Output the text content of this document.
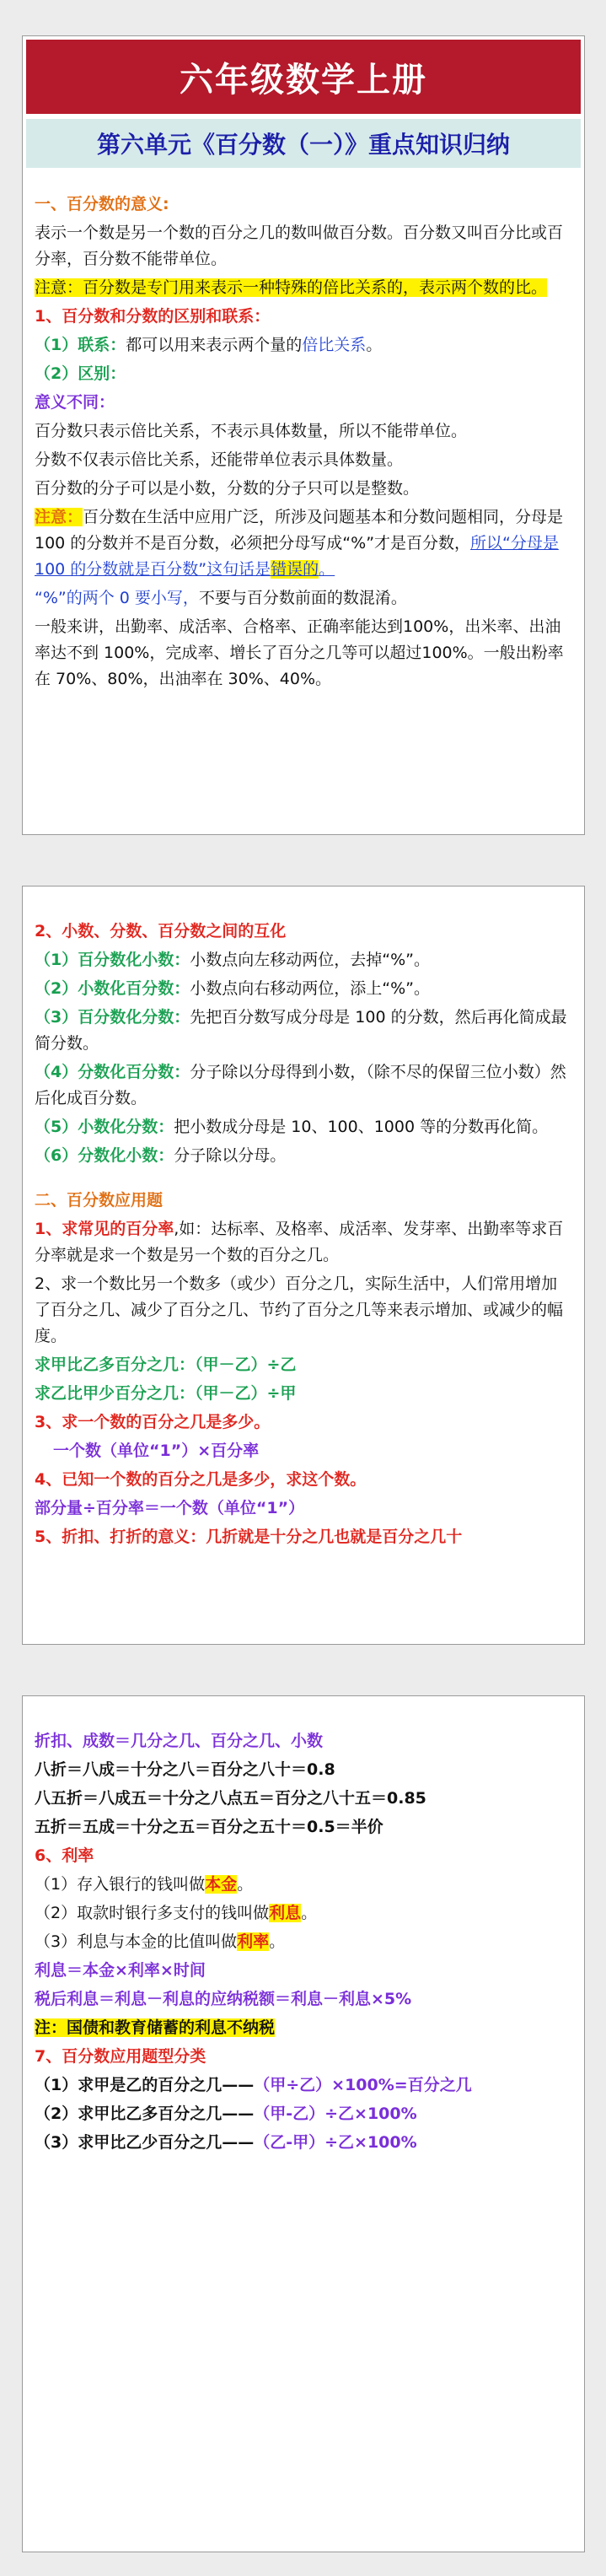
六年级数学上册
第六单元《百分数（一）》重点知识归纳

一、百分数的意义:

表示一个数是另一个数的百分之几的数叫做百分数。百分数又叫百分比或百分率，百分数不能带单位。

注意：百分数是专门用来表示一种特殊的倍比关系的，表示两个数的比。

1、百分数和分数的区别和联系：

（1）联系：都可以用来表示两个量的倍比关系。

（2）区别：

意义不同：

百分数只表示倍比关系，不表示具体数量，所以不能带单位。

分数不仅表示倍比关系，还能带单位表示具体数量。

百分数的分子可以是小数，分数的分子只可以是整数。

注意：百分数在生活中应用广泛，所涉及问题基本和分数问题相同，分母是 100 的分数并不是百分数，必须把分母写成“%”才是百分数，所以“分母是 100 的分数就是百分数”这句话是错误的。

“%”的两个 0 要小写，不要与百分数前面的数混淆。

一般来讲，出勤率、成活率、合格率、正确率能达到100%，出米率、出油率达不到 100%，完成率、增长了百分之几等可以超过100%。一般出粉率在 70%、80%，出油率在 30%、40%。

2、小数、分数、百分数之间的互化

（1）百分数化小数：小数点向左移动两位，去掉“%”。

（2）小数化百分数：小数点向右移动两位，添上“%”。

（3）百分数化分数：先把百分数写成分母是 100 的分数，然后再化简成最简分数。

（4）分数化百分数：分子除以分母得到小数，（除不尽的保留三位小数）然后化成百分数。

（5）小数化分数：把小数成分母是 10、100、1000 等的分数再化简。

（6）分数化小数：分子除以分母。

二、百分数应用题

1、求常见的百分率,如：达标率、及格率、成活率、发芽率、出勤率等求百分率就是求一个数是另一个数的百分之几。

2、求一个数比另一个数多（或少）百分之几，实际生活中，人们常用增加了百分之几、减少了百分之几、节约了百分之几等来表示增加、或减少的幅度。

求甲比乙多百分之几：（甲－乙）÷乙

求乙比甲少百分之几：（甲－乙）÷甲

3、求一个数的百分之几是多少。

一个数（单位“1”）×百分率

4、已知一个数的百分之几是多少，求这个数。

部分量÷百分率＝一个数（单位“1”）

5、折扣、打折的意义：几折就是十分之几也就是百分之几十

折扣、成数＝几分之几、百分之几、小数

八折＝八成＝十分之八＝百分之八十＝0.8

八五折＝八成五＝十分之八点五＝百分之八十五＝0.85

五折＝五成＝十分之五＝百分之五十＝0.5＝半价

6、利率

（1）存入银行的钱叫做本金。

（2）取款时银行多支付的钱叫做利息。

（3）利息与本金的比值叫做利率。

利息＝本金×利率×时间

税后利息＝利息－利息的应纳税额＝利息－利息×5%

注：国债和教育储蓄的利息不纳税

7、百分数应用题型分类

（1）求甲是乙的百分之几——（甲÷乙）×100%=百分之几

（2）求甲比乙多百分之几——（甲-乙）÷乙×100%

（3）求甲比乙少百分之几——（乙-甲）÷乙×100%
